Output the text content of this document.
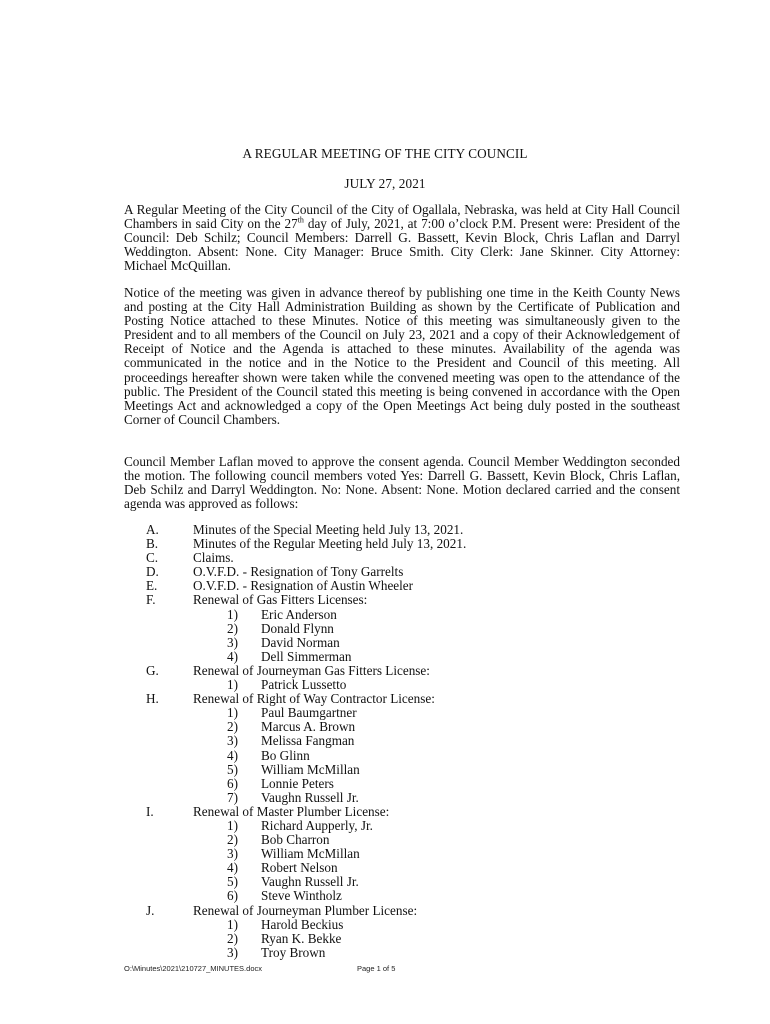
A REGULAR MEETING OF THE CITY COUNCIL
JULY 27, 2021
A Regular Meeting of the City Council of the City of Ogallala, Nebraska, was held at City Hall Council Chambers in said City on the 27th day of July, 2021, at 7:00 o’clock P.M. Present were: President of the Council: Deb Schilz; Council Members: Darrell G. Bassett, Kevin Block, Chris Laflan and Darryl Weddington. Absent: None. City Manager: Bruce Smith. City Clerk: Jane Skinner. City Attorney: Michael McQuillan.
Notice of the meeting was given in advance thereof by publishing one time in the Keith County News and posting at the City Hall Administration Building as shown by the Certificate of Publication and Posting Notice attached to these Minutes. Notice of this meeting was simultaneously given to the President and to all members of the Council on July 23, 2021 and a copy of their Acknowledgement of Receipt of Notice and the Agenda is attached to these minutes. Availability of the agenda was communicated in the notice and in the Notice to the President and Council of this meeting. All proceedings hereafter shown were taken while the convened meeting was open to the attendance of the public. The President of the Council stated this meeting is being convened in accordance with the Open Meetings Act and acknowledged a copy of the Open Meetings Act being duly posted in the southeast Corner of Council Chambers.
Council Member Laflan moved to approve the consent agenda. Council Member Weddington seconded the motion. The following council members voted Yes: Darrell G. Bassett, Kevin Block, Chris Laflan, Deb Schilz and Darryl Weddington. No: None. Absent: None. Motion declared carried and the consent agenda was approved as follows:
A.	Minutes of the Special Meeting held July 13, 2021.
B.	Minutes of the Regular Meeting held July 13, 2021.
C.	Claims.
D.	O.V.F.D. - Resignation of Tony Garrelts
E.	O.V.F.D. - Resignation of Austin Wheeler
F.	Renewal of Gas Fitters Licenses:
1) Eric Anderson
2) Donald Flynn
3) David Norman
4) Dell Simmerman
G.	Renewal of Journeyman Gas Fitters License:
1) Patrick Lussetto
H.	Renewal of Right of Way Contractor License:
1) Paul Baumgartner
2) Marcus A. Brown
3) Melissa Fangman
4) Bo Glinn
5) William McMillan
6) Lonnie Peters
7) Vaughn Russell Jr.
I.	Renewal of Master Plumber License:
1) Richard Aupperly, Jr.
2) Bob Charron
3) William McMillan
4) Robert Nelson
5) Vaughn Russell Jr.
6) Steve Wintholz
J.	Renewal of Journeyman Plumber License:
1) Harold Beckius
2) Ryan K. Bekke
3) Troy Brown
O:\Minutes\2021\210727_MINUTES.docx	Page 1 of 5
